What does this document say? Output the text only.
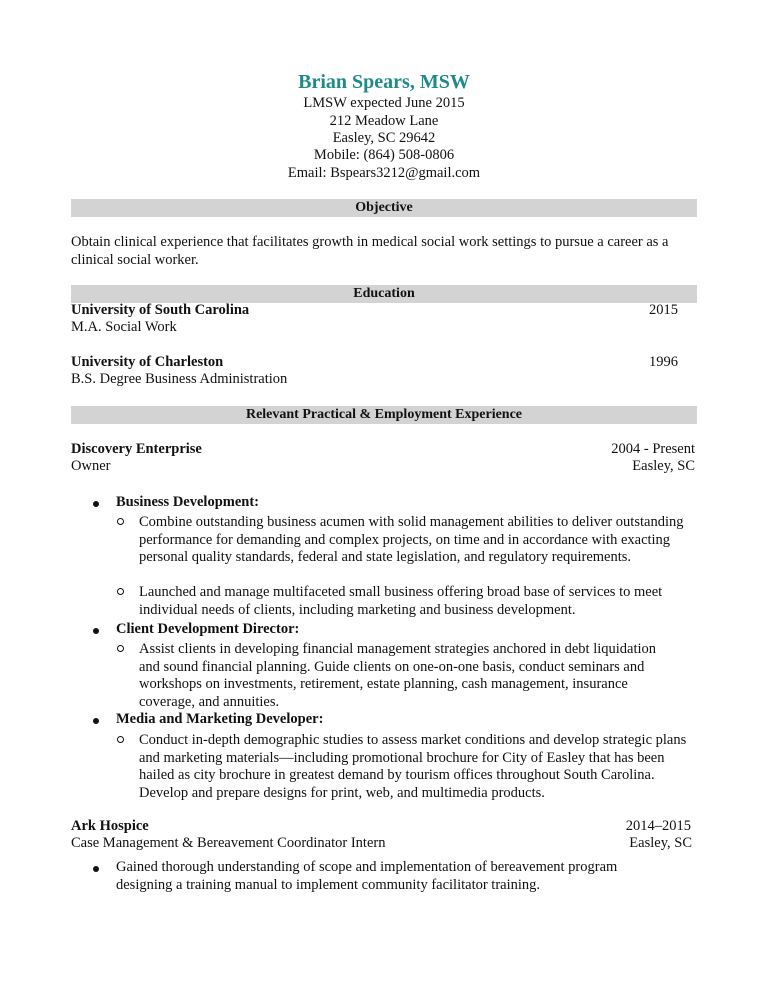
Brian Spears, MSW
LMSW expected June 2015
212 Meadow Lane
Easley, SC 29642
Mobile: (864) 508-0806
Email: Bspears3212@gmail.com
Objective
Obtain clinical experience that facilitates growth in medical social work settings to pursue a career as a clinical social worker.
Education
University of South Carolina	2015
M.A. Social Work
University of Charleston	1996
B.S. Degree Business Administration
Relevant Practical & Employment Experience
Discovery Enterprise	2004 - Present
Owner	Easley, SC
Business Development:
Combine outstanding business acumen with solid management abilities to deliver outstanding performance for demanding and complex projects, on time and in accordance with exacting personal quality standards, federal and state legislation, and regulatory requirements.
Launched and manage multifaceted small business offering broad base of services to meet individual needs of clients, including marketing and business development.
Client Development Director:
Assist clients in developing financial management strategies anchored in debt liquidation and sound financial planning. Guide clients on one-on-one basis, conduct seminars and workshops on investments, retirement, estate planning, cash management, insurance coverage, and annuities.
Media and Marketing Developer:
Conduct in-depth demographic studies to assess market conditions and develop strategic plans and marketing materials—including promotional brochure for City of Easley that has been hailed as city brochure in greatest demand by tourism offices throughout South Carolina. Develop and prepare designs for print, web, and multimedia products.
Ark Hospice	2014–2015
Case Management & Bereavement Coordinator Intern	Easley, SC
Gained thorough understanding of scope and implementation of bereavement program designing a training manual to implement community facilitator training.
